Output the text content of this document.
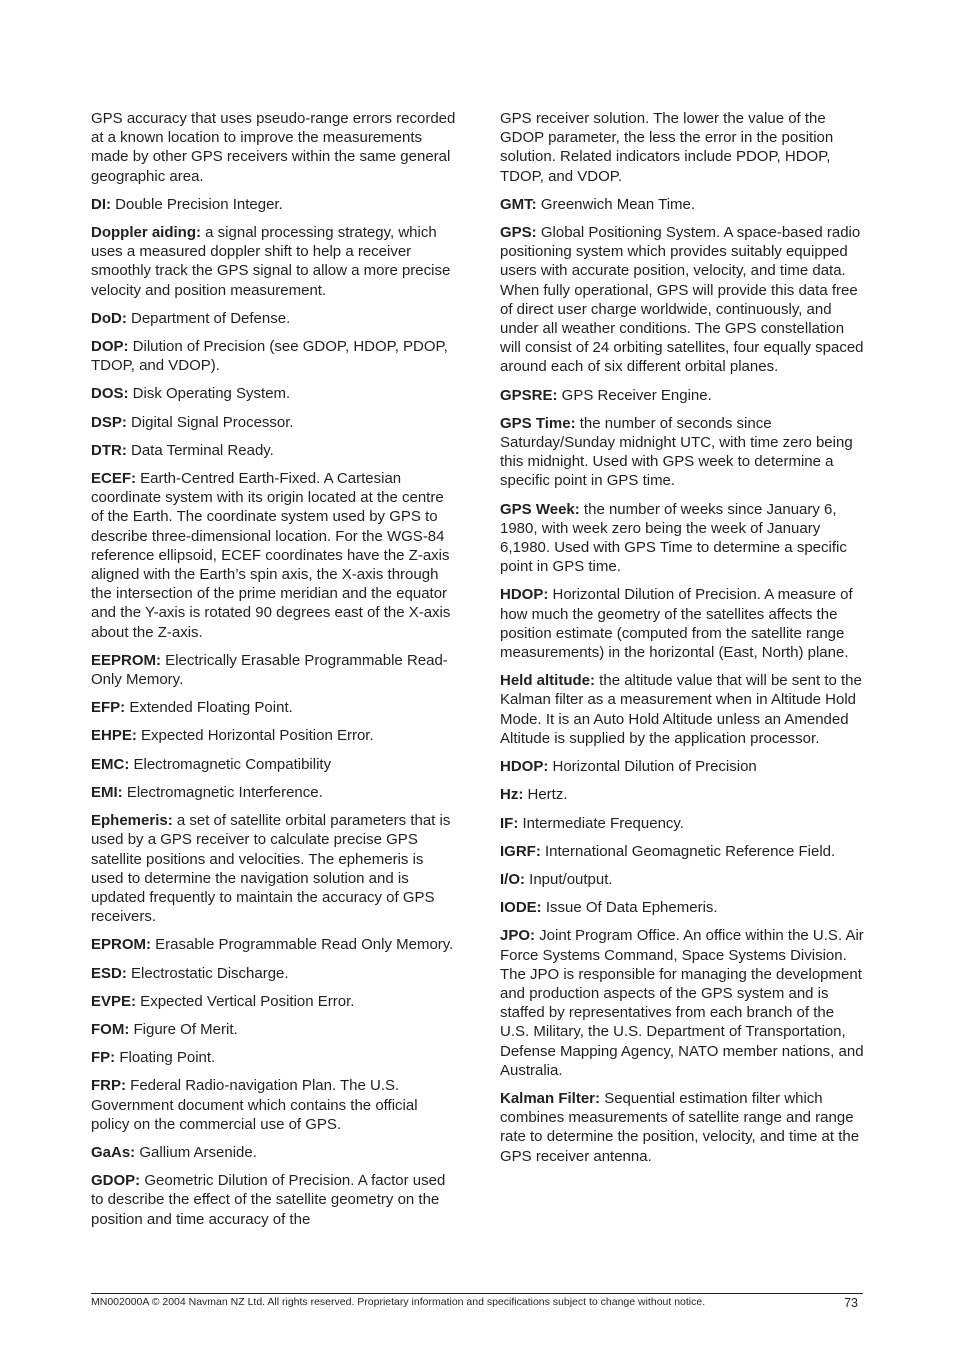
GPS accuracy that uses pseudo-range errors recorded at a known location to improve the measurements made by other GPS receivers within the same general geographic area.

DI: Double Precision Integer.

Doppler aiding: a signal processing strategy, which uses a measured doppler shift to help a receiver smoothly track the GPS signal to allow a more precise velocity and position measurement.

DoD: Department of Defense.

DOP: Dilution of Precision (see GDOP, HDOP, PDOP, TDOP, and VDOP).

DOS: Disk Operating System.

DSP: Digital Signal Processor.

DTR: Data Terminal Ready.

ECEF: Earth-Centred Earth-Fixed. A Cartesian coordinate system with its origin located at the centre of the Earth. The coordinate system used by GPS to describe three-dimensional location. For the WGS-84 reference ellipsoid, ECEF coordinates have the Z-axis aligned with the Earth’s spin axis, the X-axis through the intersection of the prime meridian and the equator and the Y-axis is rotated 90 degrees east of the X-axis about the Z-axis.

EEPROM: Electrically Erasable Programmable Read-Only Memory.

EFP: Extended Floating Point.

EHPE: Expected Horizontal Position Error.

EMC: Electromagnetic Compatibility

EMI: Electromagnetic Interference.

Ephemeris: a set of satellite orbital parameters that is used by a GPS receiver to calculate precise GPS satellite positions and velocities. The ephemeris is used to determine the navigation solution and is updated frequently to maintain the accuracy of GPS receivers.

EPROM: Erasable Programmable Read Only Memory.

ESD: Electrostatic Discharge.

EVPE: Expected Vertical Position Error.

FOM: Figure Of Merit.

FP: Floating Point.

FRP: Federal Radio-navigation Plan. The U.S. Government document which contains the official policy on the commercial use of GPS.

GaAs: Gallium Arsenide.

GDOP: Geometric Dilution of Precision. A factor used to describe the effect of the satellite geometry on the position and time accuracy of the

GPS receiver solution. The lower the value of the GDOP parameter, the less the error in the position solution. Related indicators include PDOP, HDOP, TDOP, and VDOP.

GMT: Greenwich Mean Time.

GPS: Global Positioning System. A space-based radio positioning system which provides suitably equipped users with accurate position, velocity, and time data. When fully operational, GPS will provide this data free of direct user charge worldwide, continuously, and under all weather conditions. The GPS constellation will consist of 24 orbiting satellites, four equally spaced around each of six different orbital planes.

GPSRE: GPS Receiver Engine.

GPS Time: the number of seconds since Saturday/Sunday midnight UTC, with time zero being this midnight. Used with GPS week to determine a specific point in GPS time.

GPS Week: the number of weeks since January 6, 1980, with week zero being the week of January 6,1980. Used with GPS Time to determine a specific point in GPS time.

HDOP: Horizontal Dilution of Precision. A measure of how much the geometry of the satellites affects the position estimate (computed from the satellite range measurements) in the horizontal (East, North) plane.

Held altitude: the altitude value that will be sent to the Kalman filter as a measurement when in Altitude Hold Mode. It is an Auto Hold Altitude unless an Amended Altitude is supplied by the application processor.

HDOP: Horizontal Dilution of Precision

Hz: Hertz.

IF: Intermediate Frequency.

IGRF: International Geomagnetic Reference Field.

I/O: Input/output.

IODE: Issue Of Data Ephemeris.

JPO: Joint Program Office. An office within the U.S. Air Force Systems Command, Space Systems Division. The JPO is responsible for managing the development and production aspects of the GPS system and is staffed by representatives from each branch of the U.S. Military, the U.S. Department of Transportation, Defense Mapping Agency, NATO member nations, and Australia.

Kalman Filter: Sequential estimation filter which combines measurements of satellite range and range rate to determine the position, velocity, and time at the GPS receiver antenna.

MN002000A © 2004 Navman NZ Ltd. All rights reserved. Proprietary information and specifications subject to change without notice.	73
